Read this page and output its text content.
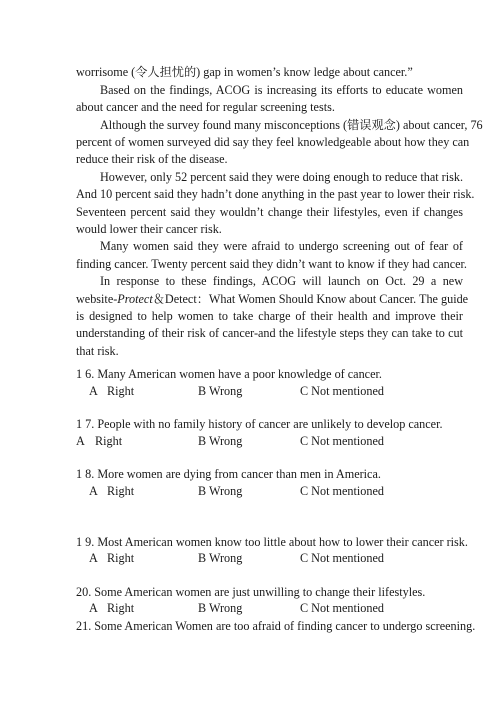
worrisome (令人担忧的) gap in women’s know ledge about cancer.”
Based on the findings, ACOG is increasing its efforts to educate women
about cancer and the need for regular screening tests.
Although the survey found many misconceptions (错误观念) about cancer, 76
percent of women surveyed did say they feel knowledgeable about how they can
reduce their risk of the disease.
However, only 52 percent said they were doing enough to reduce that risk.
And 10 percent said they hadn’t done anything in the past year to lower their risk.
Seventeen percent said they wouldn’t change their lifestyles, even if changes
would lower their cancer risk.
Many women said they were afraid to undergo screening out of fear of
finding cancer. Twenty percent said they didn’t want to know if they had cancer.
In response to these findings, ACOG will launch on Oct. 29 a new
website-Protect＆Detect：What Women Should Know about Cancer. The guide
is designed to help women to take charge of their health and improve their
understanding of their risk of cancer-and the lifestyle steps they can take to cut
that risk.
1 6. Many American women have a poor knowledge of cancer.
A Right	B Wrong	C Not mentioned
1 7. People with no family history of cancer are unlikely to develop cancer.
A Right	B Wrong	C Not mentioned
1 8. More women are dying from cancer than men in America.
A Right	B Wrong	C Not mentioned
1 9. Most American women know too little about how to lower their cancer risk.
A Right	B Wrong	C Not mentioned
20. Some American women are just unwilling to change their lifestyles.
A Right	B Wrong	C Not mentioned
21. Some American Women are too afraid of finding cancer to undergo screening.
